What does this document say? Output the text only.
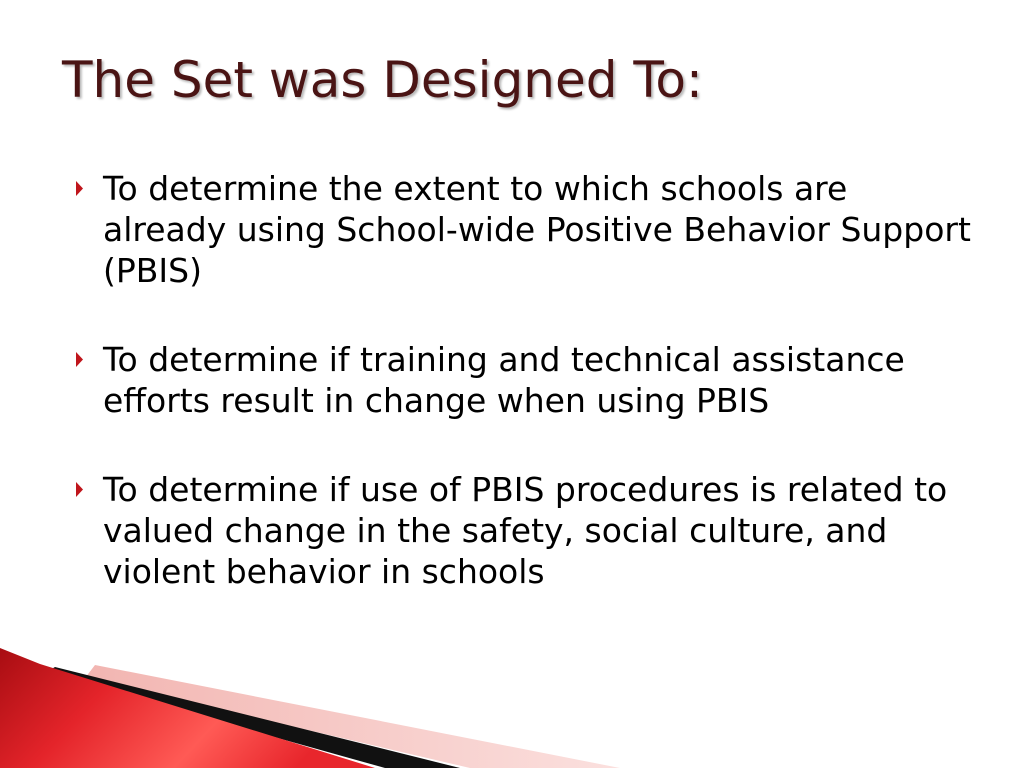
The Set was Designed To:
To determine the extent to which schools are already using School-wide Positive Behavior Support (PBIS)
To determine if training and technical assistance efforts result in change when using PBIS
To determine if use of PBIS procedures is related to valued change in the safety, social culture, and violent behavior in schools
